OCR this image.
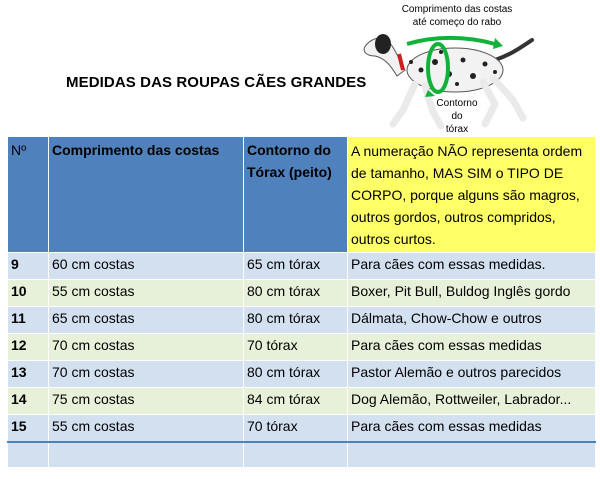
MEDIDAS DAS ROUPAS CÃES GRANDES
Comprimento das costas
até começo do rabo
Contorno
do
tórax
Nº	Comprimento das costas	Contorno do Tórax (peito)	A numeração NÃO representa ordem de tamanho, MAS SIM o TIPO DE CORPO, porque alguns são magros, outros gordos, outros compridos, outros curtos.
9	60 cm costas	65 cm tórax	Para cães com essas medidas.
10	55 cm costas	80 cm tórax	Boxer, Pit Bull, Buldog Inglês gordo
11	65 cm costas	80 cm tórax	Dálmata, Chow-Chow e outros
12	70 cm costas	70 tórax	Para cães com essas medidas
13	70 cm costas	80 cm tórax	Pastor Alemão e outros parecidos
14	75 cm costas	84 cm tórax	Dog Alemão, Rottweiler, Labrador...
15	55 cm costas	70 tórax	Para cães com essas medidas
